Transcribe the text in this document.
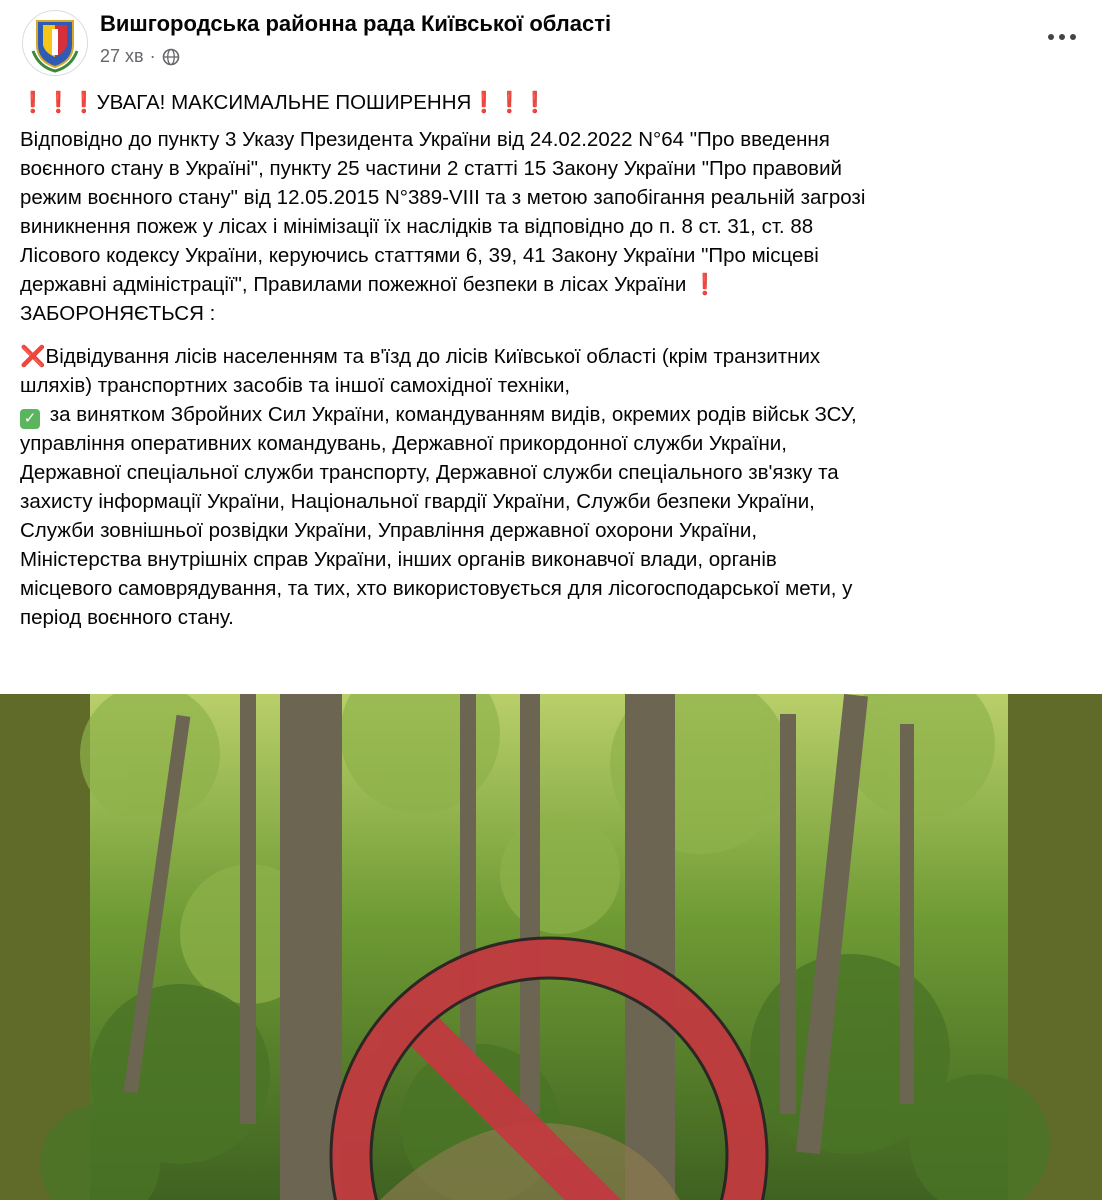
Вишгородська районна рада Київської області
27 хв ·
❗❗❗УВАГА! МАКСИМАЛЬНЕ ПОШИРЕННЯ❗❗❗
Відповідно до пункту 3 Указу Президента України від 24.02.2022 N°64 "Про введення
воєнного стану в Україні", пункту 25 частини 2 статті 15 Закону України "Про правовий
режим воєнного стану" від 12.05.2015 N°389-VIII та з метою запобігання реальній загрозі
виникнення пожеж у лісах і мінімізації їх наслідків та відповідно до п. 8 ст. 31, ст. 88
Лісового кодексу України, керуючись статтями 6, 39, 41 Закону України "Про місцеві
державні адміністрації", Правилами пожежної безпеки в лісах України ❗
ЗАБОРОНЯЄТЬСЯ :
❌Відвідування лісів населенням та в'їзд до лісів Київської області (крім транзитних
шляхів) транспортних засобів та іншої самохідної техніки,
✓ за винятком Збройних Сил України, командуванням видів, окремих родів військ ЗСУ,
управління оперативних командувань, Державної прикордонної служби України,
Державної спеціальної служби транспорту, Державної служби спеціального зв'язку та
захисту інформації України, Національної гвардії України, Служби безпеки України,
Служби зовнішньої розвідки України, Управління державної охорони України,
Міністерства внутрішніх справ України, інших органів виконавчої влади, органів
місцевого самоврядування, та тих, хто використовується для лісогосподарської мети, у
період воєнного стану.
